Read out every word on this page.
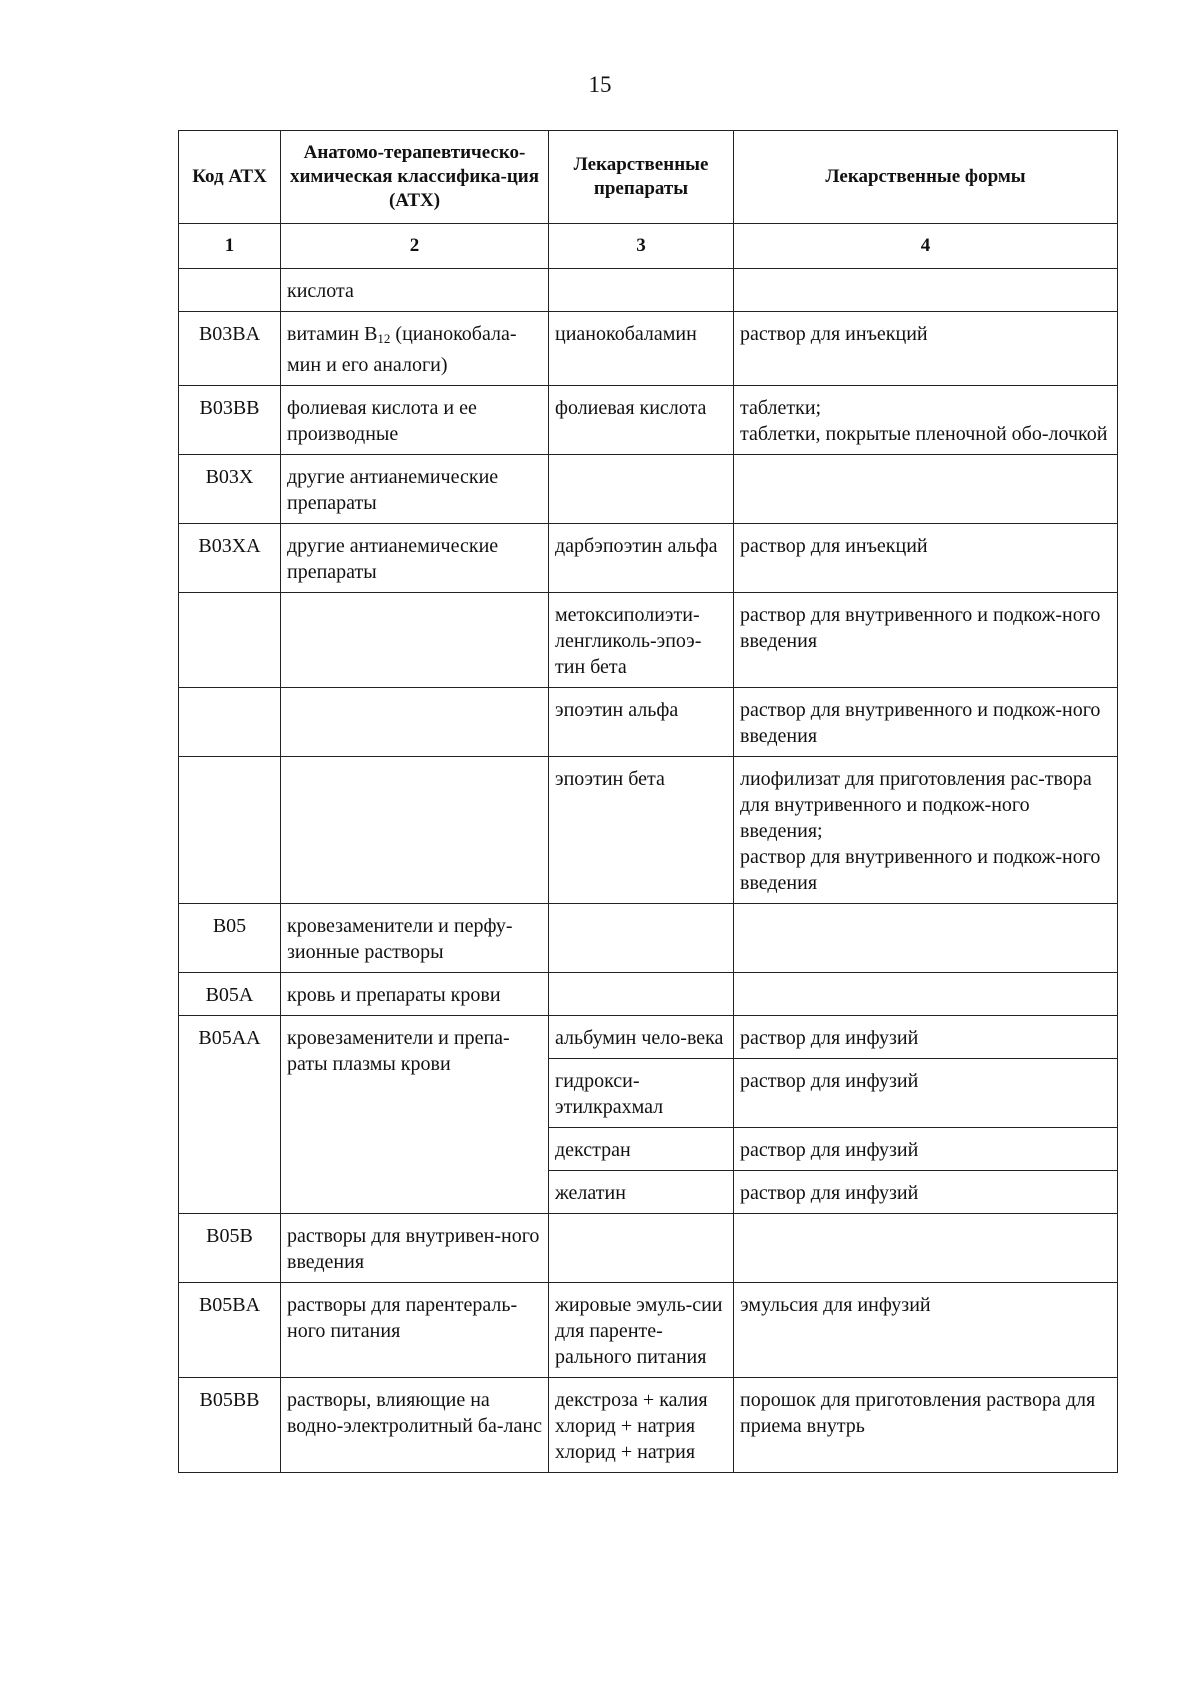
15
Код АТХ	Анатомо-терапевтическо-химическая классифика-ция (АТХ)	Лекарственные препараты	Лекарственные формы
1	2	3	4
	кислота		
B03BA	витамин $B_{12}$ (цианокобала-мин и его аналоги)	цианокобаламин	раствор для инъекций
B03BB	фолиевая кислота и ее производные	фолиевая кислота	таблетки;
таблетки, покрытые пленочной обо-лочкой
B03X	другие антианемические препараты		
B03XA	другие антианемические препараты	дарбэпоэтин альфа	раствор для инъекций
		метоксиполиэти-ленгликоль-эпоэ-тин бета	раствор для внутривенного и подкож-ного введения
		эпоэтин альфа	раствор для внутривенного и подкож-ного введения
		эпоэтин бета	лиофилизат для приготовления рас-твора для внутривенного и подкож-ного введения;
раствор для внутривенного и подкож-ного введения
B05	кровезаменители и перфу-зионные растворы		
B05A	кровь и препараты крови		
B05AA	кровезаменители и препа-раты плазмы крови	альбумин чело-века	раствор для инфузий
		гидрокси-этилкрахмал	раствор для инфузий
		декстран	раствор для инфузий
		желатин	раствор для инфузий
B05B	растворы для внутривен-ного введения		
B05BA	растворы для парентераль-ного питания	жировые эмуль-сии для паренте-рального питания	эмульсия для инфузий
B05BB	растворы, влияющие на водно-электролитный ба-ланс	декстроза + калия хлорид + натрия хлорид + натрия	порошок для приготовления раствора для приема внутрь
